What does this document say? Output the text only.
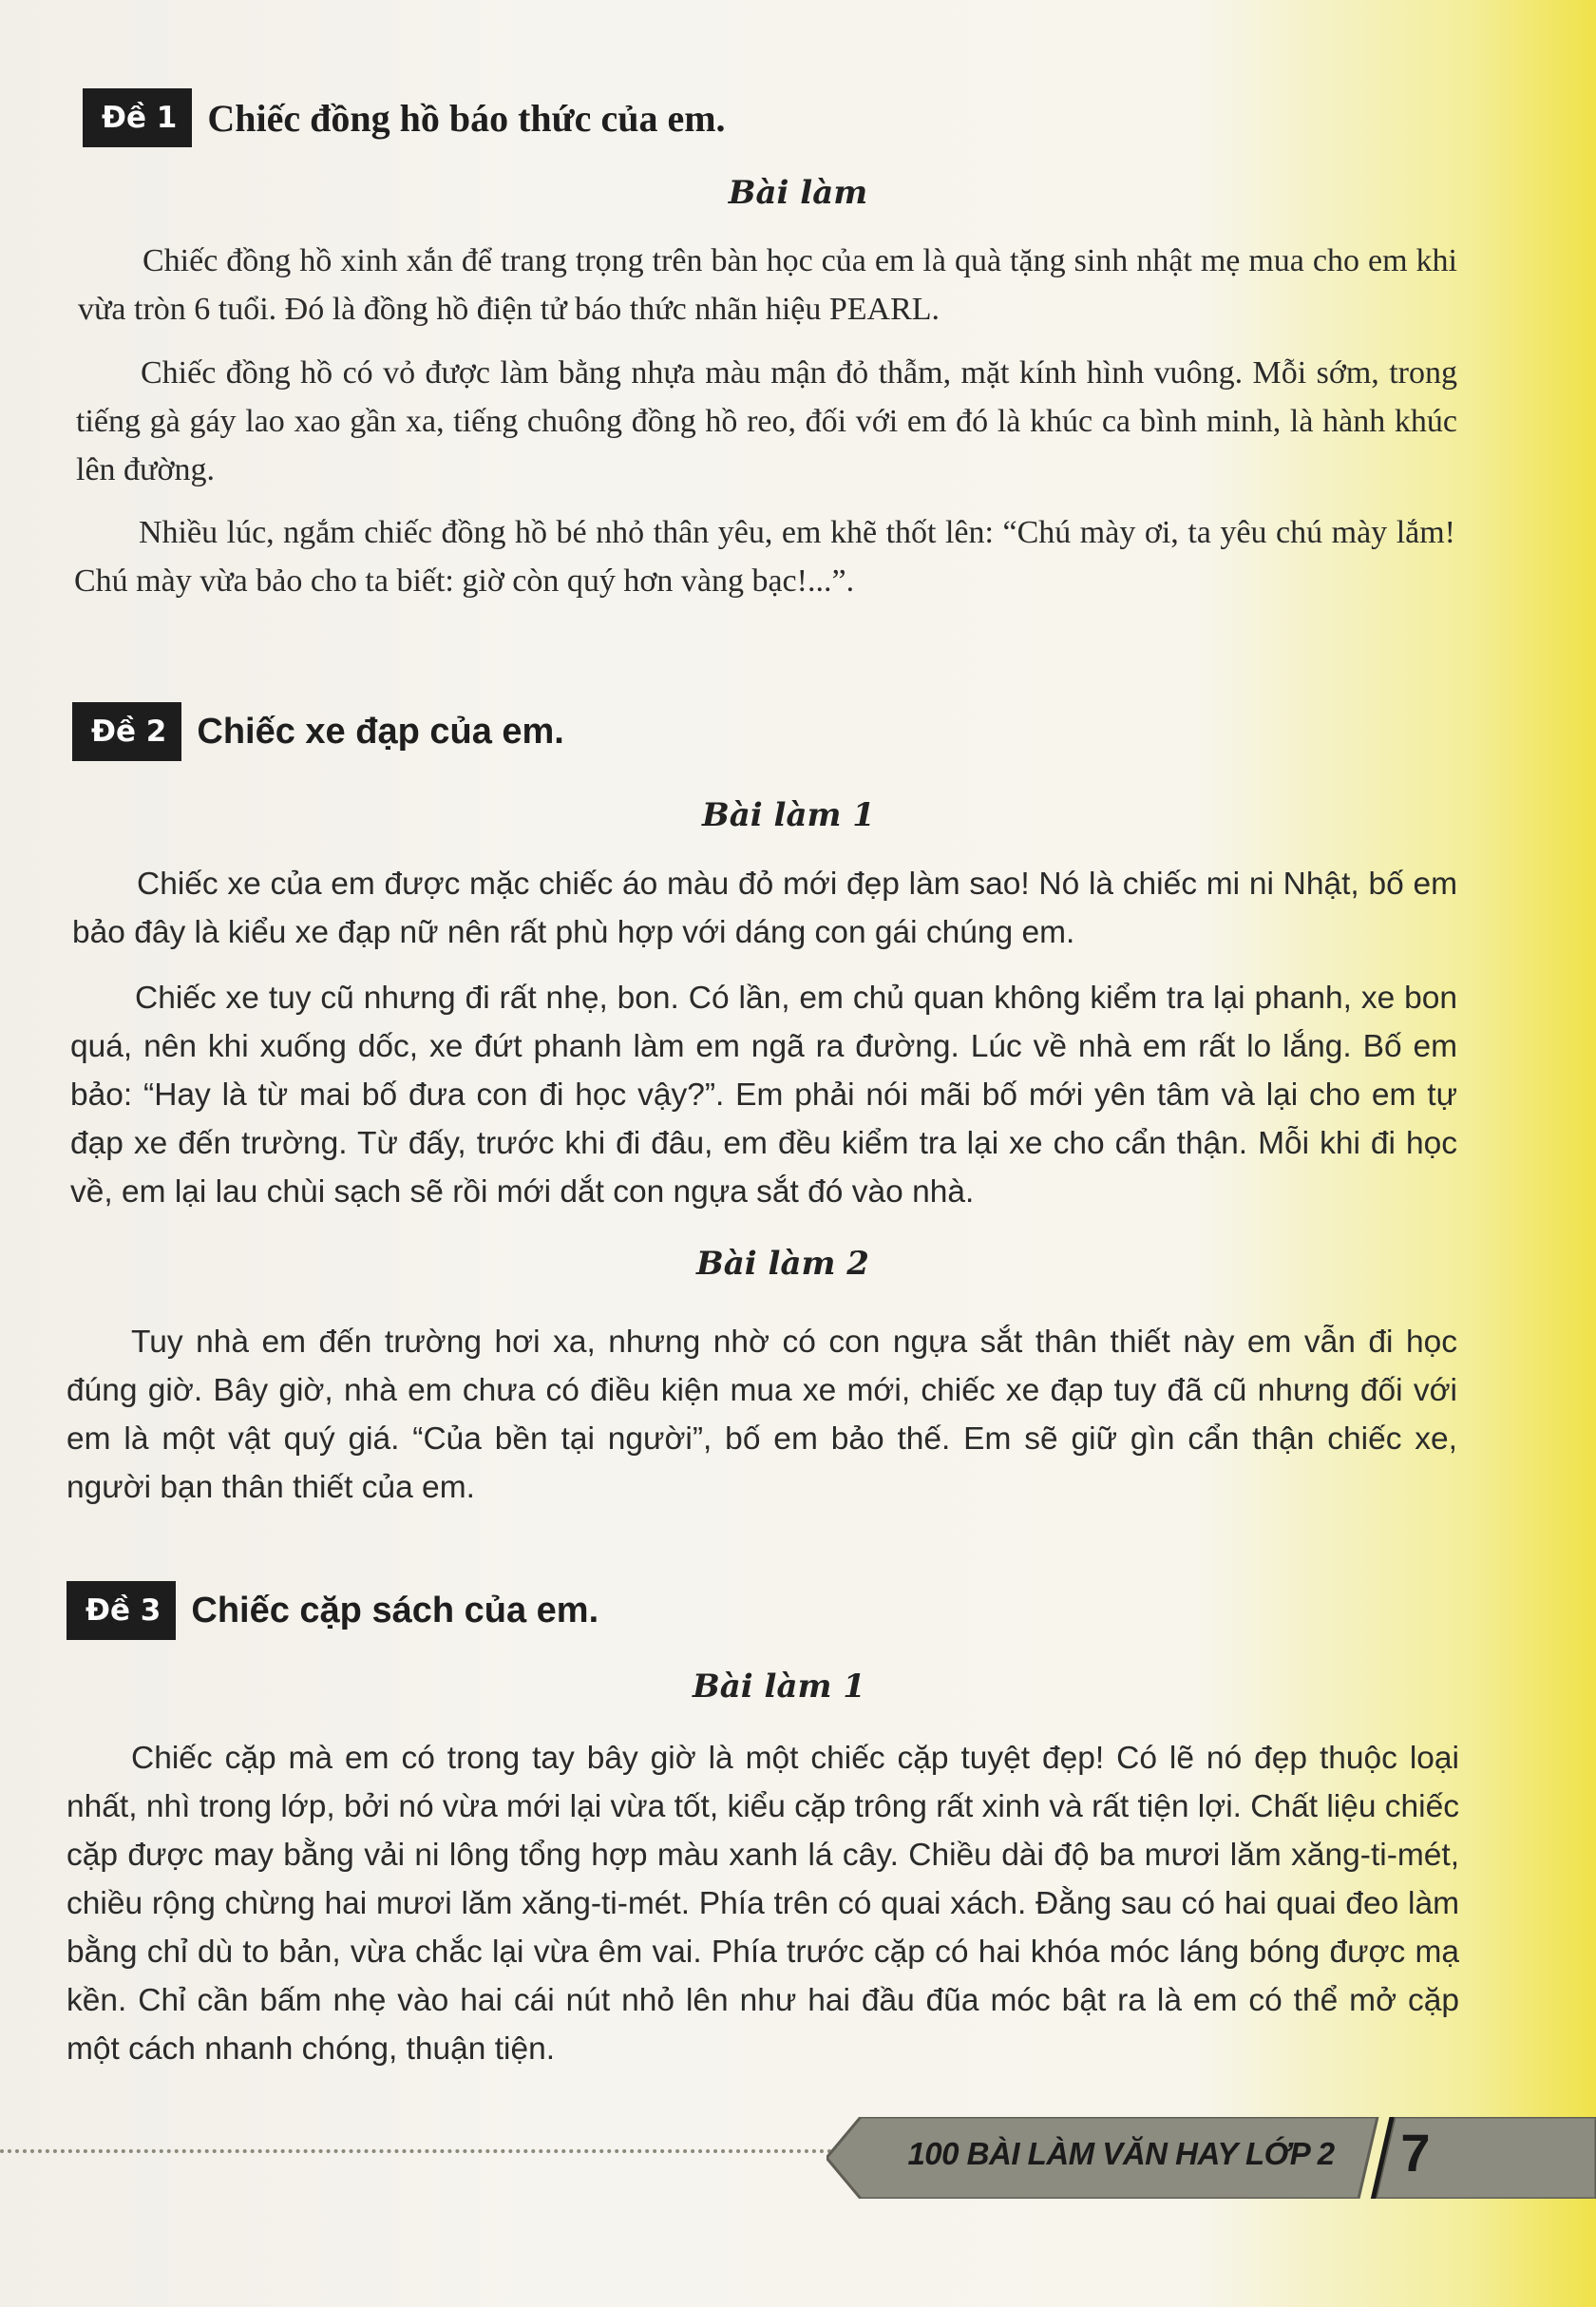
Đề 1 Chiếc đồng hồ báo thức của em.
Bài làm

Chiếc đồng hồ xinh xắn để trang trọng trên bàn học của em là quà tặng sinh nhật mẹ mua cho em khi vừa tròn 6 tuổi. Đó là đồng hồ điện tử báo thức nhãn hiệu PEARL.

Chiếc đồng hồ có vỏ được làm bằng nhựa màu mận đỏ thẫm, mặt kính hình vuông. Mỗi sớm, trong tiếng gà gáy lao xao gần xa, tiếng chuông đồng hồ reo, đối với em đó là khúc ca bình minh, là hành khúc lên đường.

Nhiều lúc, ngắm chiếc đồng hồ bé nhỏ thân yêu, em khẽ thốt lên: “Chú mày ơi, ta yêu chú mày lắm! Chú mày vừa bảo cho ta biết: giờ còn quý hơn vàng bạc!...”.

Đề 2 Chiếc xe đạp của em.
Bài làm 1

Chiếc xe của em được mặc chiếc áo màu đỏ mới đẹp làm sao! Nó là chiếc mi ni Nhật, bố em bảo đây là kiểu xe đạp nữ nên rất phù hợp với dáng con gái chúng em.

Chiếc xe tuy cũ nhưng đi rất nhẹ, bon. Có lần, em chủ quan không kiểm tra lại phanh, xe bon quá, nên khi xuống dốc, xe đứt phanh làm em ngã ra đường. Lúc về nhà em rất lo lắng. Bố em bảo: “Hay là từ mai bố đưa con đi học vậy?”. Em phải nói mãi bố mới yên tâm và lại cho em tự đạp xe đến trường. Từ đấy, trước khi đi đâu, em đều kiểm tra lại xe cho cẩn thận. Mỗi khi đi học về, em lại lau chùi sạch sẽ rồi mới dắt con ngựa sắt đó vào nhà.

Bài làm 2

Tuy nhà em đến trường hơi xa, nhưng nhờ có con ngựa sắt thân thiết này em vẫn đi học đúng giờ. Bây giờ, nhà em chưa có điều kiện mua xe mới, chiếc xe đạp tuy đã cũ nhưng đối với em là một vật quý giá. “Của bền tại người”, bố em bảo thế. Em sẽ giữ gìn cẩn thận chiếc xe, người bạn thân thiết của em.

Đề 3 Chiếc cặp sách của em.
Bài làm 1

Chiếc cặp mà em có trong tay bây giờ là một chiếc cặp tuyệt đẹp! Có lẽ nó đẹp thuộc loại nhất, nhì trong lớp, bởi nó vừa mới lại vừa tốt, kiểu cặp trông rất xinh và rất tiện lợi. Chất liệu chiếc cặp được may bằng vải ni lông tổng hợp màu xanh lá cây. Chiều dài độ ba mươi lăm xăng-ti-mét, chiều rộng chừng hai mươi lăm xăng-ti-mét. Phía trên có quai xách. Đằng sau có hai quai đeo làm bằng chỉ dù to bản, vừa chắc lại vừa êm vai. Phía trước cặp có hai khóa móc láng bóng được mạ kền. Chỉ cần bấm nhẹ vào hai cái nút nhỏ lên như hai đầu đũa móc bật ra là em có thể mở cặp một cách nhanh chóng, thuận tiện.

100 BÀI LÀM VĂN HAY LỚP 2	7
